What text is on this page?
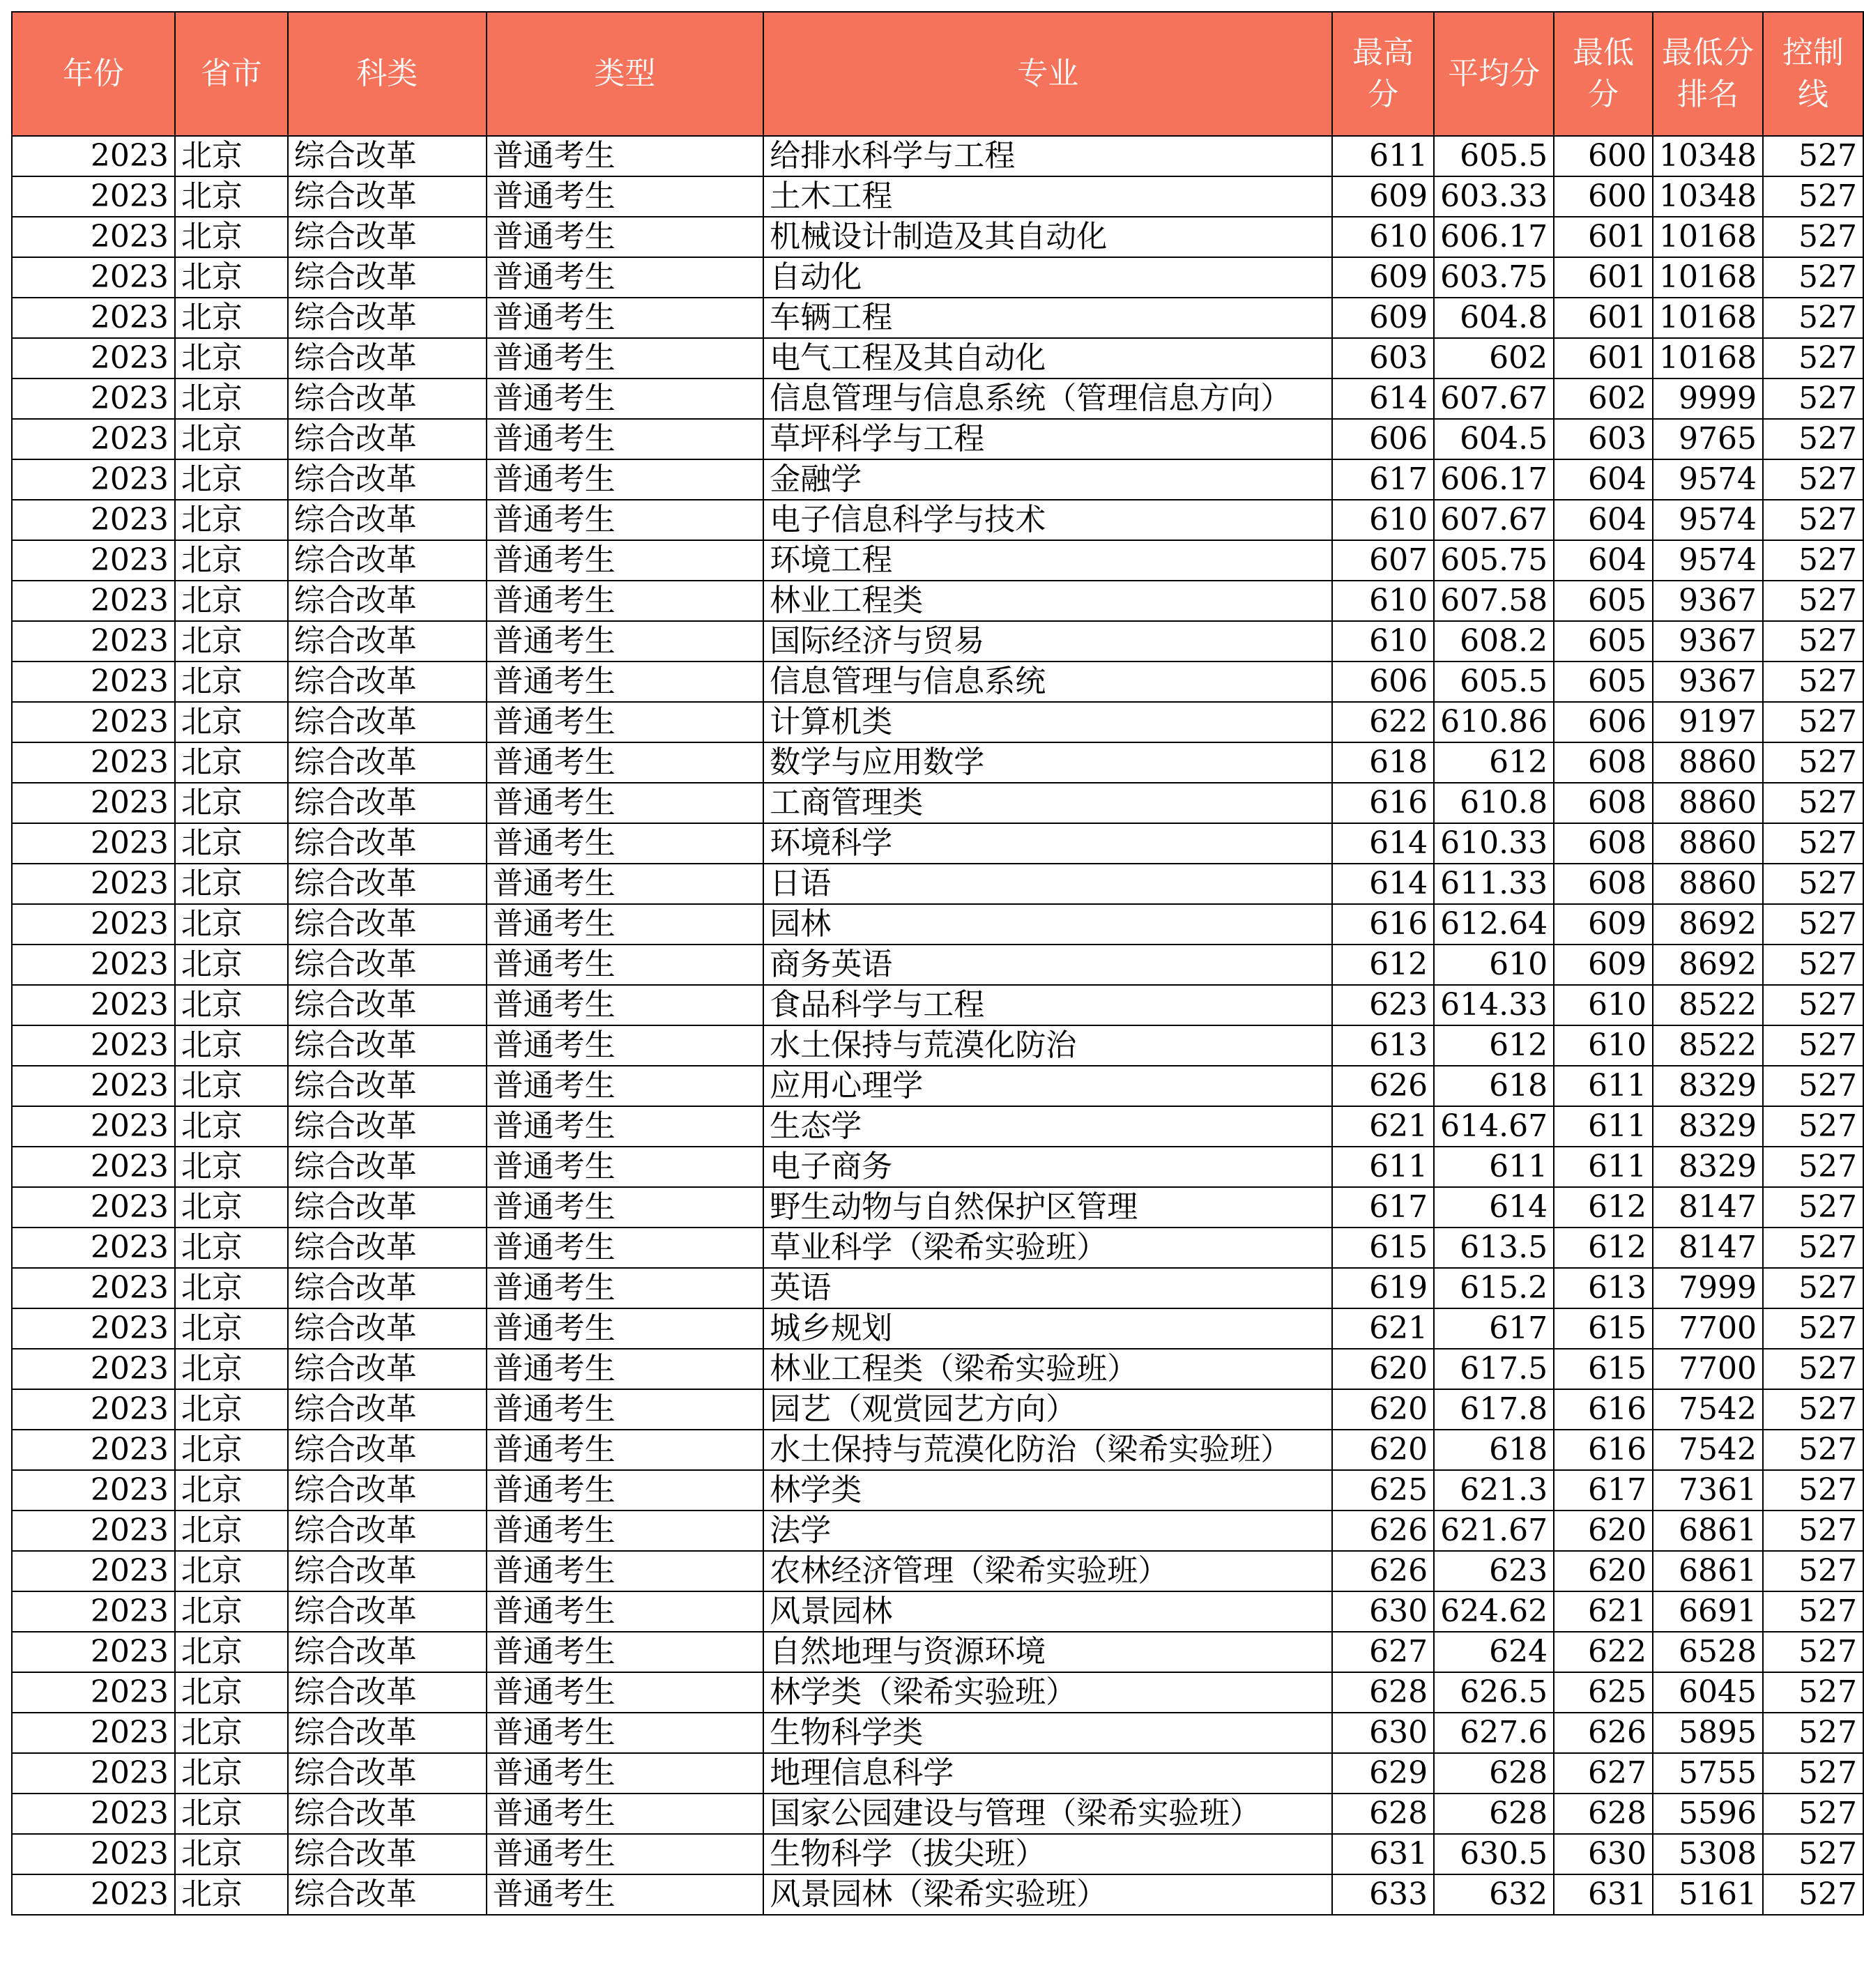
年份	省市	科类	类型	专业	最高分	平均分	最低分	最低分排名	控制线
2023	北京	综合改革	普通考生	给排水科学与工程	611	605.5	600	10348	527
2023	北京	综合改革	普通考生	土木工程	609	603.33	600	10348	527
2023	北京	综合改革	普通考生	机械设计制造及其自动化	610	606.17	601	10168	527
2023	北京	综合改革	普通考生	自动化	609	603.75	601	10168	527
2023	北京	综合改革	普通考生	车辆工程	609	604.8	601	10168	527
2023	北京	综合改革	普通考生	电气工程及其自动化	603	602	601	10168	527
2023	北京	综合改革	普通考生	信息管理与信息系统（管理信息方向）	614	607.67	602	9999	527
2023	北京	综合改革	普通考生	草坪科学与工程	606	604.5	603	9765	527
2023	北京	综合改革	普通考生	金融学	617	606.17	604	9574	527
2023	北京	综合改革	普通考生	电子信息科学与技术	610	607.67	604	9574	527
2023	北京	综合改革	普通考生	环境工程	607	605.75	604	9574	527
2023	北京	综合改革	普通考生	林业工程类	610	607.58	605	9367	527
2023	北京	综合改革	普通考生	国际经济与贸易	610	608.2	605	9367	527
2023	北京	综合改革	普通考生	信息管理与信息系统	606	605.5	605	9367	527
2023	北京	综合改革	普通考生	计算机类	622	610.86	606	9197	527
2023	北京	综合改革	普通考生	数学与应用数学	618	612	608	8860	527
2023	北京	综合改革	普通考生	工商管理类	616	610.8	608	8860	527
2023	北京	综合改革	普通考生	环境科学	614	610.33	608	8860	527
2023	北京	综合改革	普通考生	日语	614	611.33	608	8860	527
2023	北京	综合改革	普通考生	园林	616	612.64	609	8692	527
2023	北京	综合改革	普通考生	商务英语	612	610	609	8692	527
2023	北京	综合改革	普通考生	食品科学与工程	623	614.33	610	8522	527
2023	北京	综合改革	普通考生	水土保持与荒漠化防治	613	612	610	8522	527
2023	北京	综合改革	普通考生	应用心理学	626	618	611	8329	527
2023	北京	综合改革	普通考生	生态学	621	614.67	611	8329	527
2023	北京	综合改革	普通考生	电子商务	611	611	611	8329	527
2023	北京	综合改革	普通考生	野生动物与自然保护区管理	617	614	612	8147	527
2023	北京	综合改革	普通考生	草业科学（梁希实验班）	615	613.5	612	8147	527
2023	北京	综合改革	普通考生	英语	619	615.2	613	7999	527
2023	北京	综合改革	普通考生	城乡规划	621	617	615	7700	527
2023	北京	综合改革	普通考生	林业工程类（梁希实验班）	620	617.5	615	7700	527
2023	北京	综合改革	普通考生	园艺（观赏园艺方向）	620	617.8	616	7542	527
2023	北京	综合改革	普通考生	水土保持与荒漠化防治（梁希实验班）	620	618	616	7542	527
2023	北京	综合改革	普通考生	林学类	625	621.3	617	7361	527
2023	北京	综合改革	普通考生	法学	626	621.67	620	6861	527
2023	北京	综合改革	普通考生	农林经济管理（梁希实验班）	626	623	620	6861	527
2023	北京	综合改革	普通考生	风景园林	630	624.62	621	6691	527
2023	北京	综合改革	普通考生	自然地理与资源环境	627	624	622	6528	527
2023	北京	综合改革	普通考生	林学类（梁希实验班）	628	626.5	625	6045	527
2023	北京	综合改革	普通考生	生物科学类	630	627.6	626	5895	527
2023	北京	综合改革	普通考生	地理信息科学	629	628	627	5755	527
2023	北京	综合改革	普通考生	国家公园建设与管理（梁希实验班）	628	628	628	5596	527
2023	北京	综合改革	普通考生	生物科学（拔尖班）	631	630.5	630	5308	527
2023	北京	综合改革	普通考生	风景园林（梁希实验班）	633	632	631	5161	527
